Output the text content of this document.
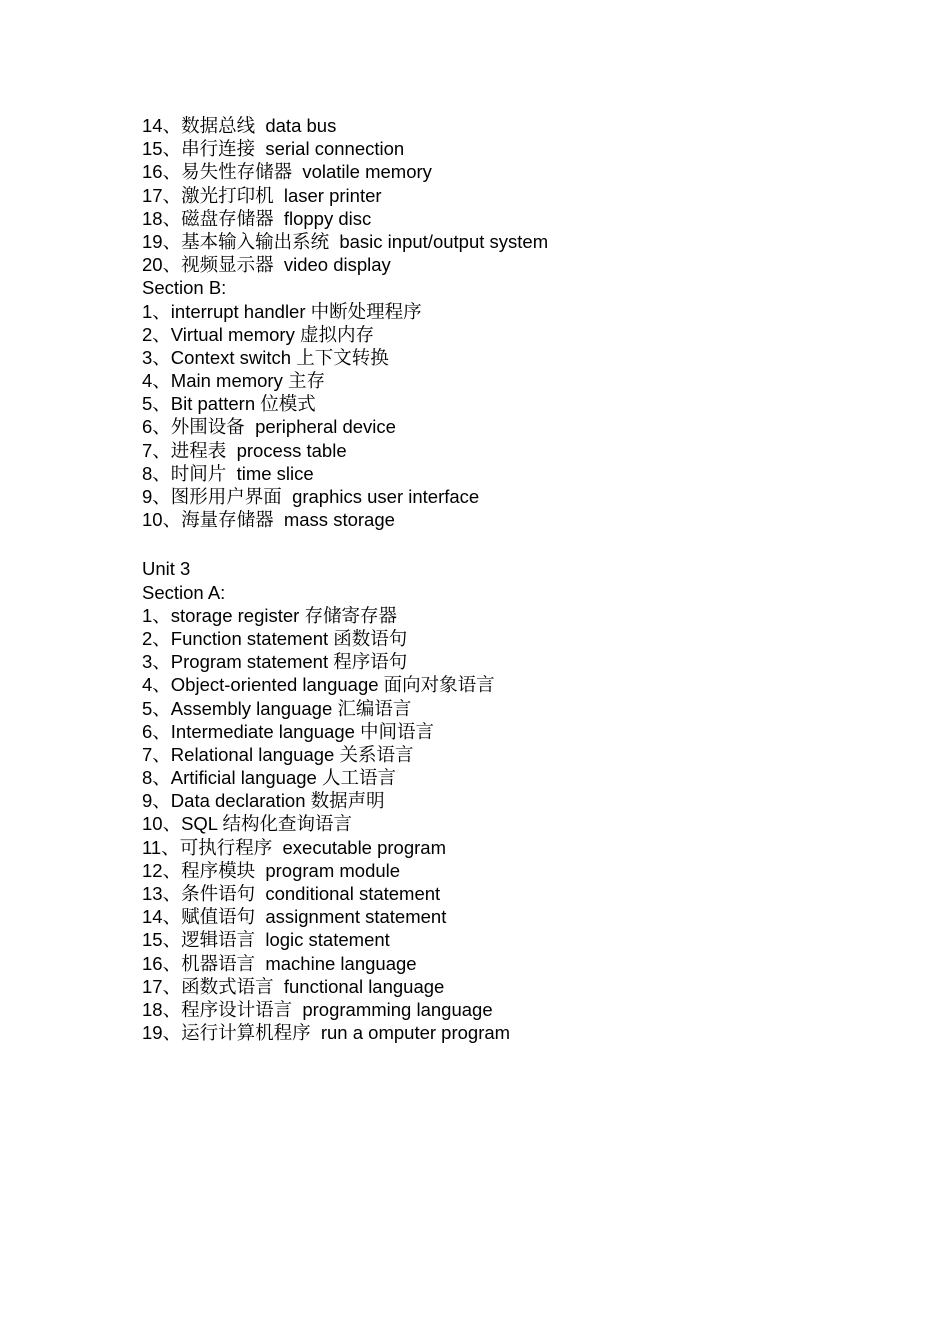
14、数据总线  data bus
15、串行连接  serial connection
16、易失性存储器  volatile memory
17、激光打印机  laser printer
18、磁盘存储器  floppy disc
19、基本输入输出系统  basic input/output system
20、视频显示器  video display
Section B:
1、interrupt handler 中断处理程序
2、Virtual memory 虚拟内存
3、Context switch 上下文转换
4、Main memory 主存
5、Bit pattern 位模式
6、外围设备  peripheral device
7、进程表  process table
8、时间片  time slice
9、图形用户界面  graphics user interface
10、海量存储器  mass storage
Unit 3
Section A:
1、storage register 存储寄存器
2、Function statement 函数语句
3、Program statement 程序语句
4、Object-oriented language 面向对象语言
5、Assembly language 汇编语言
6、Intermediate language 中间语言
7、Relational language 关系语言
8、Artificial language 人工语言
9、Data declaration 数据声明
10、SQL 结构化查询语言
11、可执行程序  executable program
12、程序模块  program module
13、条件语句  conditional statement
14、赋值语句  assignment statement
15、逻辑语言  logic statement
16、机器语言  machine language
17、函数式语言  functional language
18、程序设计语言  programming language
19、运行计算机程序  run a omputer program
